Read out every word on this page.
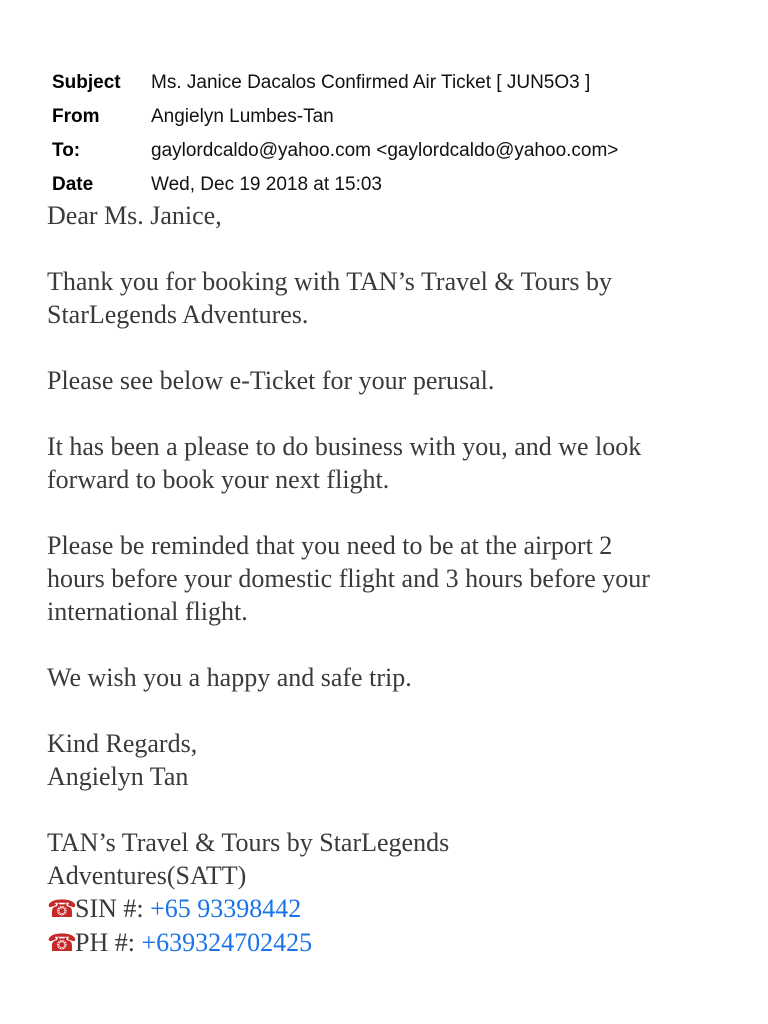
Subject	Ms. Janice Dacalos Confirmed Air Ticket [ JUN5O3 ]
From	Angielyn Lumbes-Tan
To:	gaylordcaldo@yahoo.com <gaylordcaldo@yahoo.com>
Date	Wed, Dec 19 2018 at 15:03

Dear Ms. Janice,

Thank you for booking with TAN’s Travel & Tours by

StarLegends Adventures.

Please see below e-Ticket for your perusal.

It has been a please to do business with you, and we look

forward to book your next flight.

Please be reminded that you need to be at the airport 2

hours before your domestic flight and 3 hours before your

international flight.

We wish you a happy and safe trip.

Kind Regards,

Angielyn Tan

TAN’s Travel & Tours by StarLegends

Adventures(SATT)

☎SIN #: +65 93398442

☎PH #: +639324702425
